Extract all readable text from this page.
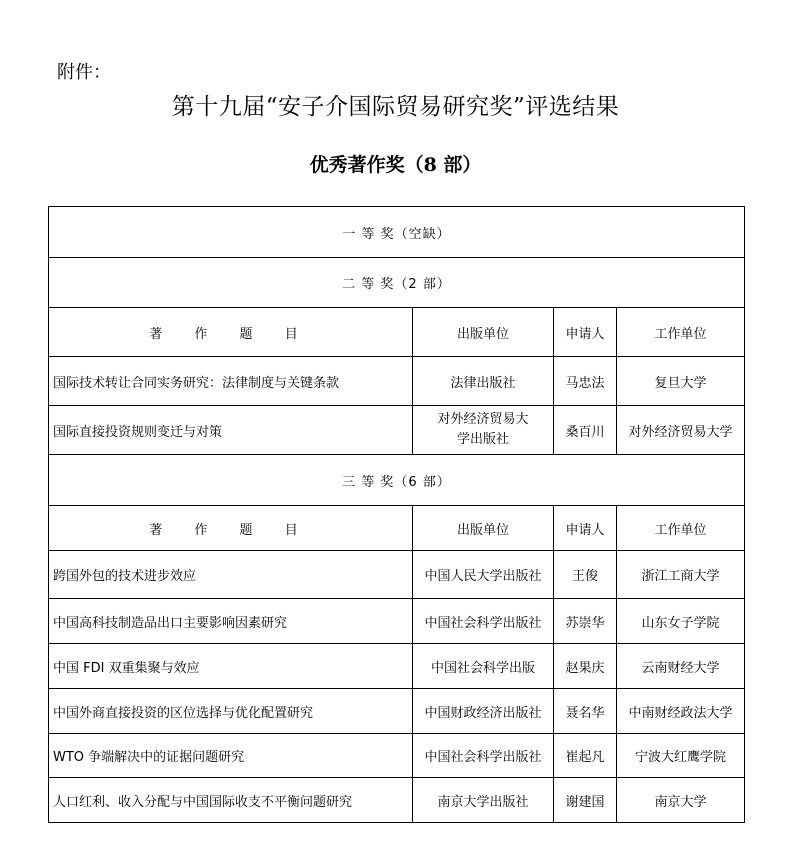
附件：
第十九届“安子介国际贸易研究奖”评选结果
优秀著作奖（8 部）
一 等 奖（空缺）			
二 等 奖（2 部）			
著 作 题 目	出版单位	申请人	工作单位
国际技术转让合同实务研究：法律制度与关键条款	法律出版社	马忠法	复旦大学
国际直接投资规则变迁与对策	对外经济贸易大学出版社	桑百川	对外经济贸易大学
三 等 奖（6 部）			
著 作 题 目	出版单位	申请人	工作单位
跨国外包的技术进步效应	中国人民大学出版社	王俊	浙江工商大学
中国高科技制造品出口主要影响因素研究	中国社会科学出版社	苏崇华	山东女子学院
中国 FDI 双重集聚与效应	中国社会科学出版	赵果庆	云南财经大学
中国外商直接投资的区位选择与优化配置研究	中国财政经济出版社	聂名华	中南财经政法大学
WTO 争端解决中的证据问题研究	中国社会科学出版社	崔起凡	宁波大红鹰学院
人口红利、收入分配与中国国际收支不平衡问题研究	南京大学出版社	谢建国	南京大学
